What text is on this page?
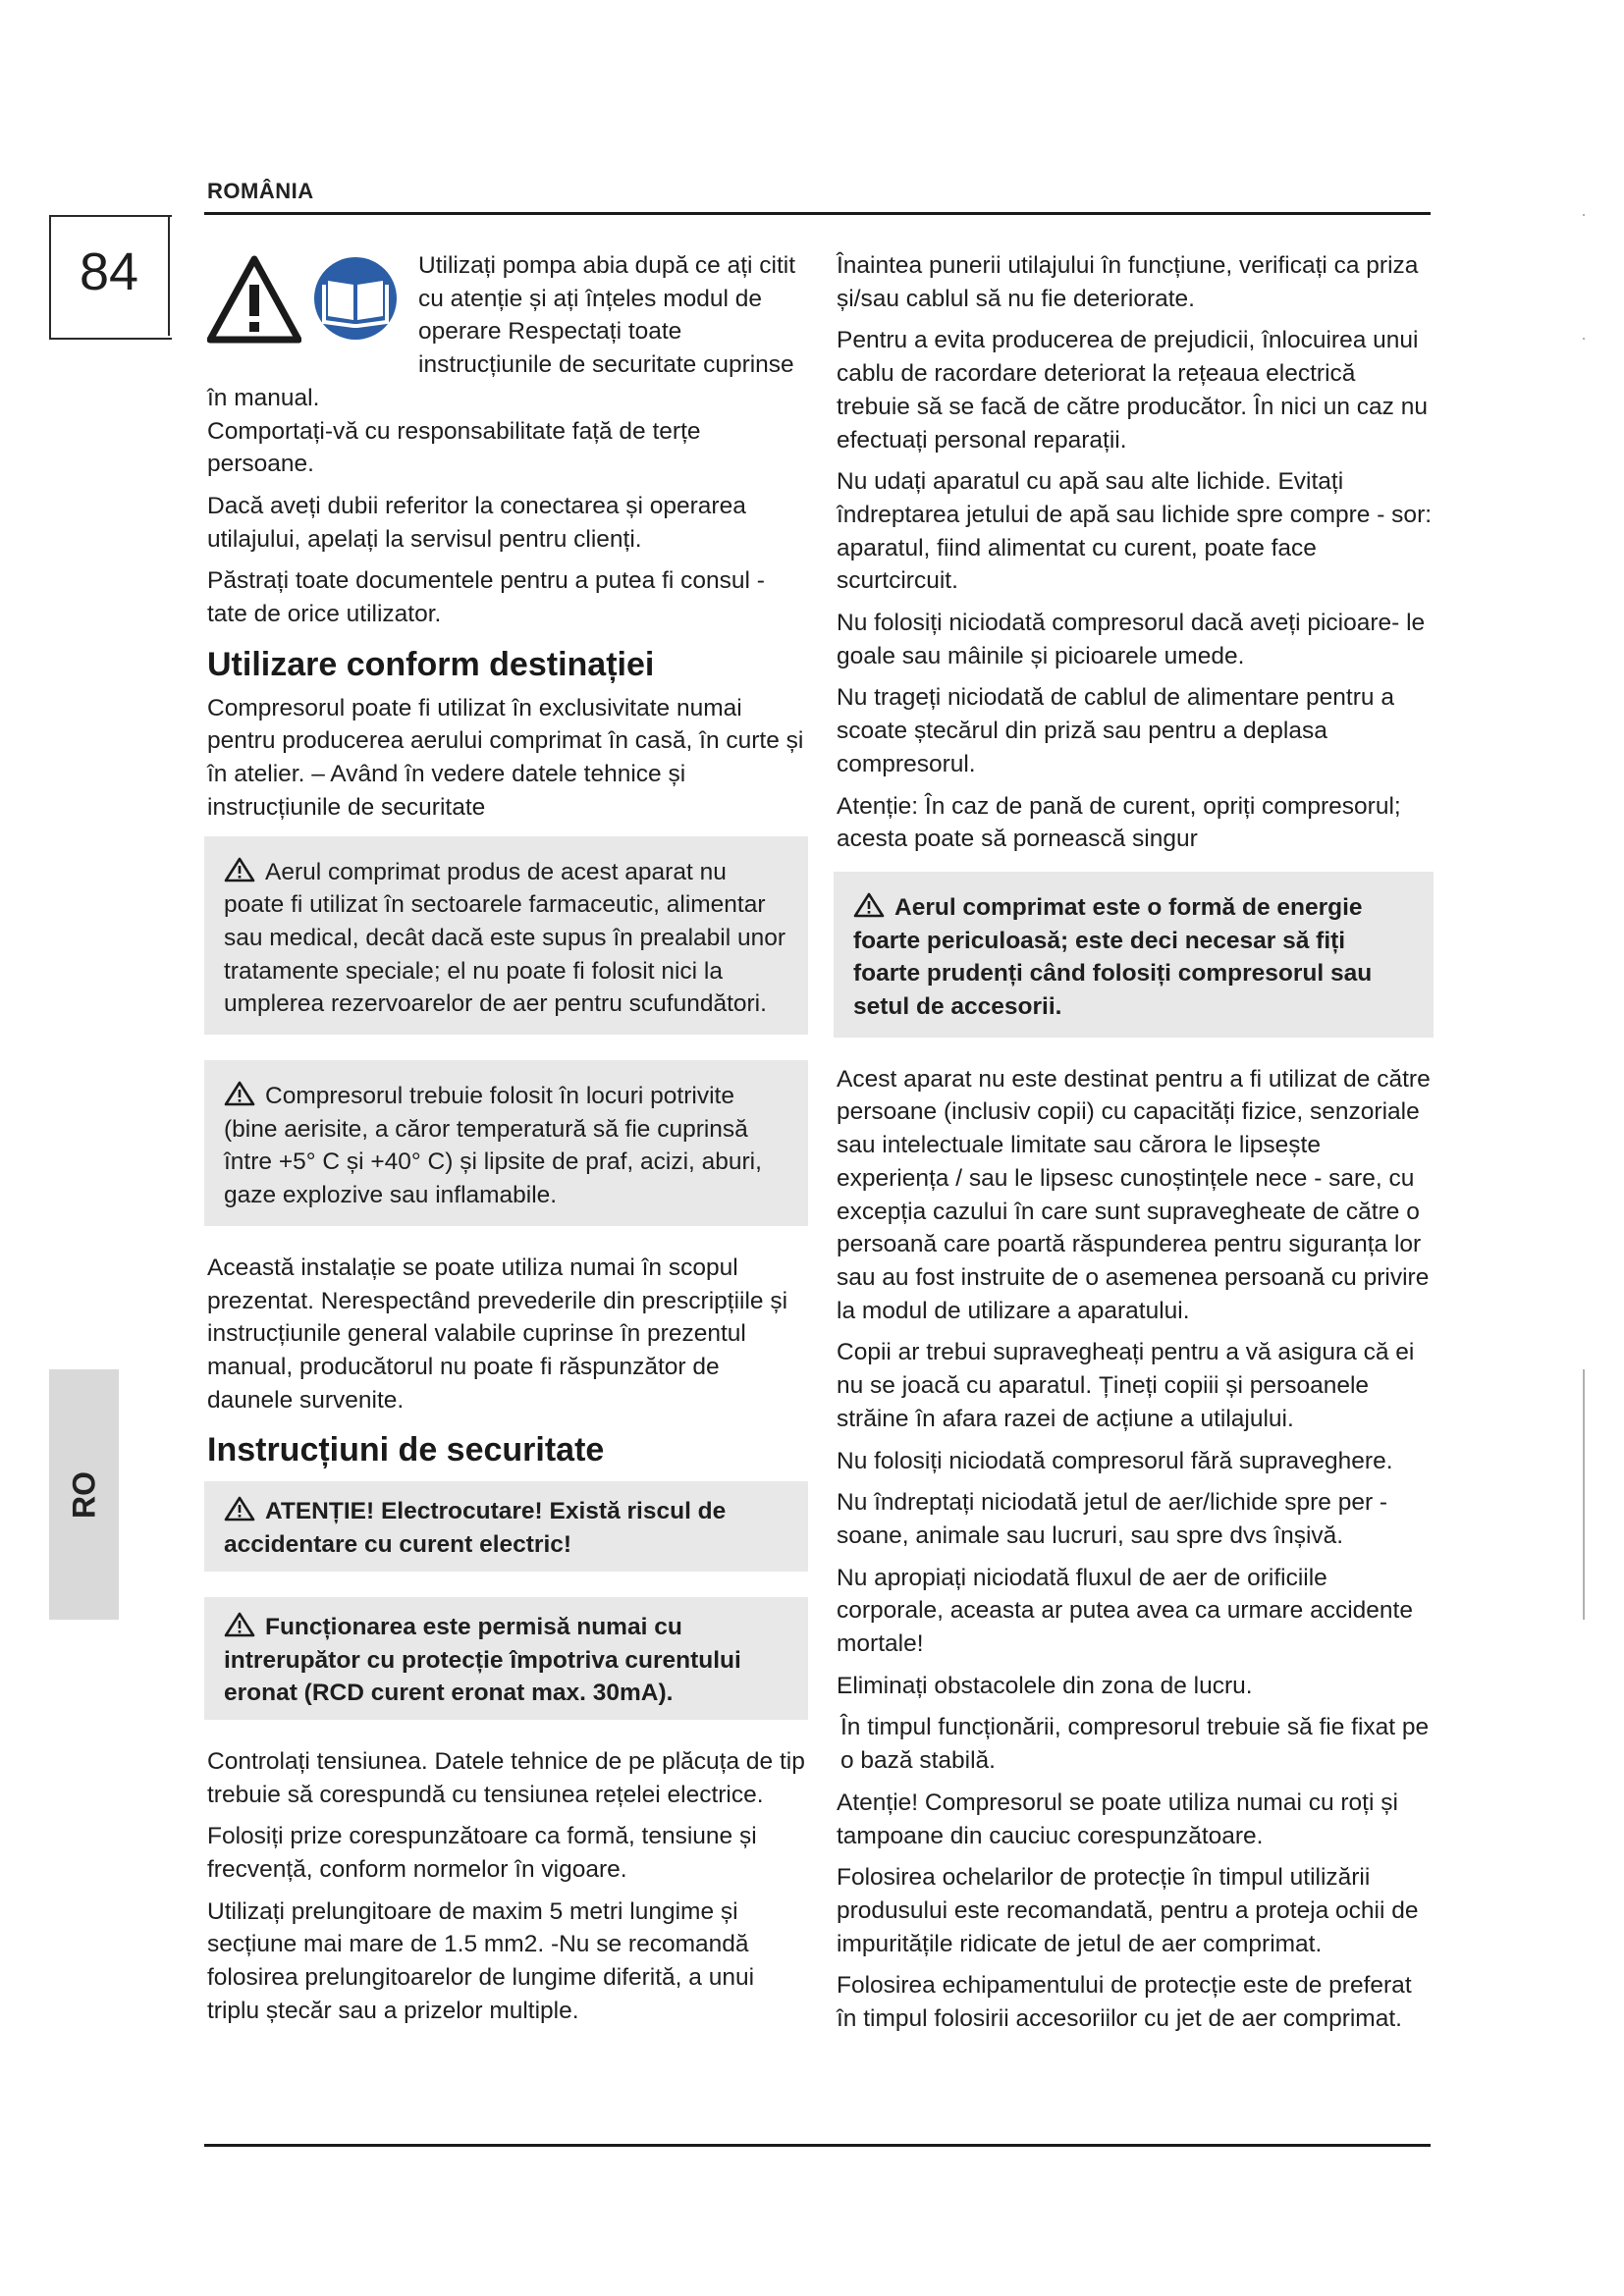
ROMÂNIA
84
RO

Utilizați pompa abia după ce ați citit cu atenție și ați înțeles modul de operare Respectați toate instrucțiunile de securitate cuprinse în manual.

Comportați-vă cu responsabilitate față de terțe persoane.

Dacă aveți dubii referitor la conectarea și operarea utilajului, apelați la servisul pentru clienți.

Păstrați toate documentele pentru a putea fi consul - tate de orice utilizator.

Utilizare conform destinației

Compresorul poate fi utilizat în exclusivitate numai pentru producerea aerului comprimat în casă, în curte și în atelier. – Având în vedere datele tehnice și instrucțiunile de securitate

Aerul comprimat produs de acest aparat nu poate fi utilizat în sectoarele farmaceutic, alimentar sau medical, decât dacă este supus în prealabil unor tratamente speciale; el nu poate fi folosit nici la umplerea rezervoarelor de aer pentru scufundători.
Compresorul trebuie folosit în locuri potrivite (bine aerisite, a căror temperatură să fie cuprinsă între +5° C și +40° C) și lipsite de praf, acizi, aburi, gaze explozive sau inflamabile.

Această instalație se poate utiliza numai în scopul prezentat. Nerespectând prevederile din prescripțiile și instrucțiunile general valabile cuprinse în prezentul manual, producătorul nu poate fi răspunzător de daunele survenite.

Instrucțiuni de securitate
ATENȚIE! Electrocutare! Există riscul de accidentare cu curent electric!
Funcționarea este permisă numai cu intrerupător cu protecție împotriva curentului eronat (RCD curent eronat max. 30mA).

Controlați tensiunea. Datele tehnice de pe plăcuța de tip trebuie să corespundă cu tensiunea rețelei electrice.

Folosiți prize corespunzătoare ca formă, tensiune și frecvență, conform normelor în vigoare.

Utilizați prelungitoare de maxim 5 metri lungime și secțiune mai mare de 1.5 mm2. -Nu se recomandă folosirea prelungitoarelor de lungime diferită, a unui triplu ștecăr sau a prizelor multiple.

Înaintea punerii utilajului în funcțiune, verificați ca priza și/sau cablul să nu fie deteriorate.

Pentru a evita producerea de prejudicii, înlocuirea unui cablu de racordare deteriorat la rețeaua electrică trebuie să se facă de către producător. În nici un caz nu efectuați personal reparații.

Nu udați aparatul cu apă sau alte lichide. Evitați îndreptarea jetului de apă sau lichide spre compre - sor: aparatul, fiind alimentat cu curent, poate face scurtcircuit.

Nu folosiți niciodată compresorul dacă aveți picioare- le goale sau mâinile și picioarele umede.

Nu trageți niciodată de cablul de alimentare pentru a scoate ștecărul din priză sau pentru a deplasa compresorul.

Atenție: În caz de pană de curent, opriți compresorul; acesta poate să pornească singur

Aerul comprimat este o formă de energie foarte periculoasă; este deci necesar să fiți foarte prudenți când folosiți compresorul sau setul de accesorii.

Acest aparat nu este destinat pentru a fi utilizat de către persoane (inclusiv copii) cu capacități fizice, senzoriale sau intelectuale limitate sau cărora le lipsește experiența / sau le lipsesc cunoștințele nece - sare, cu excepția cazului în care sunt supravegheate de către o persoană care poartă răspunderea pentru siguranța lor sau au fost instruite de o asemenea persoană cu privire la modul de utilizare a aparatului.

Copii ar trebui supravegheați pentru a vă asigura că ei nu se joacă cu aparatul. Țineți copiii și persoanele străine în afara razei de acțiune a utilajului.

Nu folosiți niciodată compresorul fără supraveghere.

Nu îndreptați niciodată jetul de aer/lichide spre per - soane, animale sau lucruri, sau spre dvs înșivă.

Nu apropiați niciodată fluxul de aer de orificiile corporale, aceasta ar putea avea ca urmare accidente mortale!

Eliminați obstacolele din zona de lucru.

În timpul funcționării, compresorul trebuie să fie fixat pe o bază stabilă.

Atenție! Compresorul se poate utiliza numai cu roți și tampoane din cauciuc corespunzătoare.

Folosirea ochelarilor de protecție în timpul utilizării produsului este recomandată, pentru a proteja ochii de impuritățile ridicate de jetul de aer comprimat.

Folosirea echipamentului de protecție este de preferat în timpul folosirii accesoriilor cu jet de aer comprimat.
